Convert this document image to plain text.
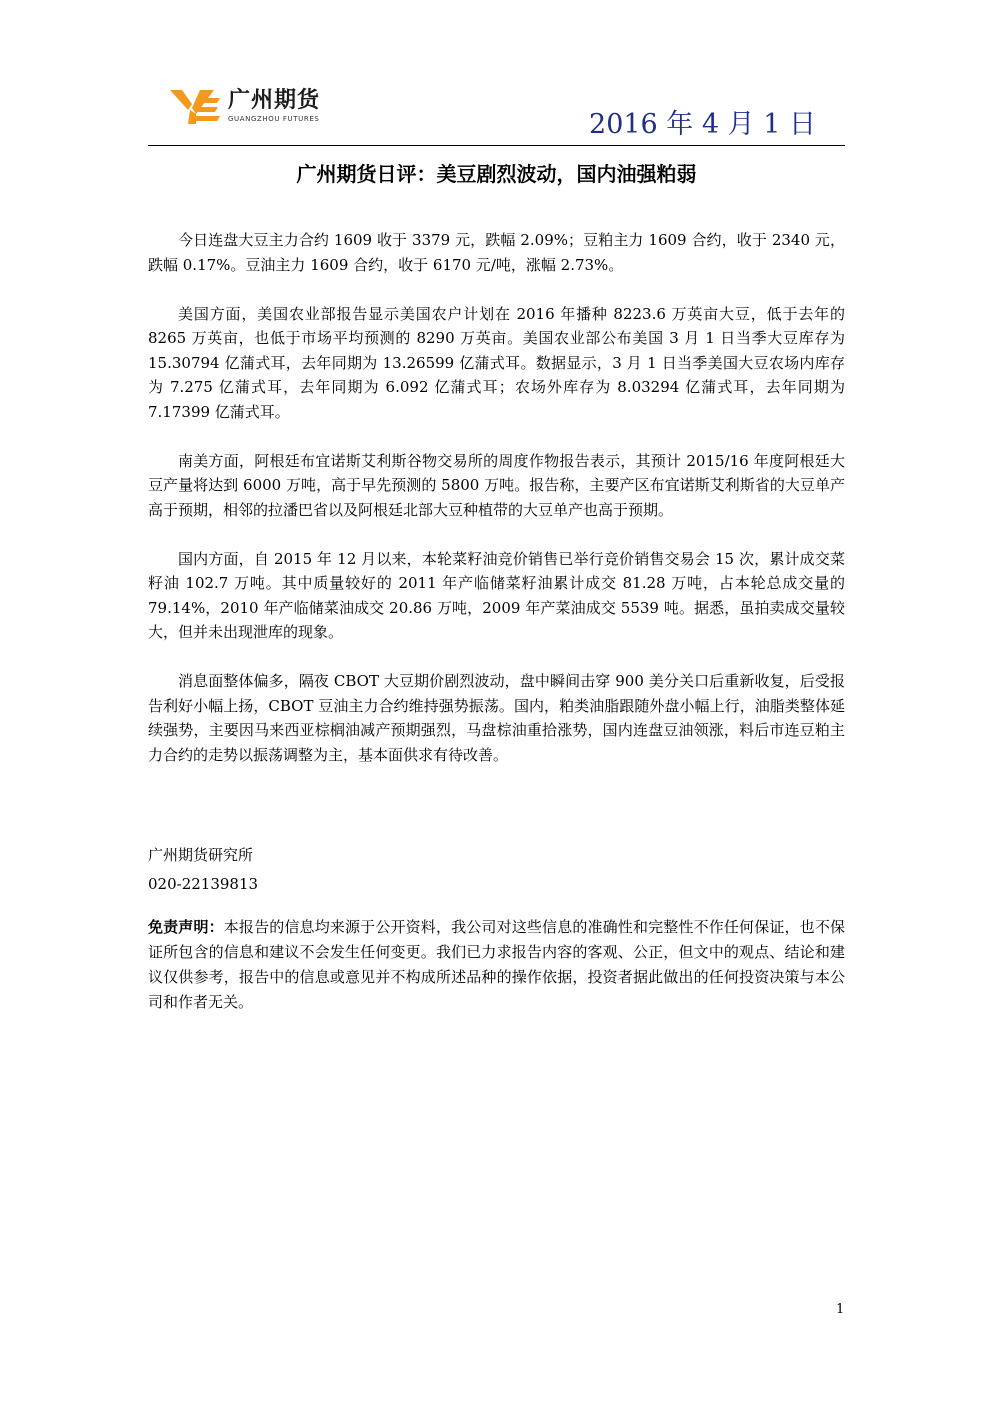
广州期货
GUANGZHOU FUTURES	2016 年 4 月 1 日
广州期货日评：美豆剧烈波动，国内油强粕弱

今日连盘大豆主力合约 1609 收于 3379 元，跌幅 2.09%；豆粕主力 1609 合约，收于 2340 元，跌幅 0.17%。豆油主力 1609 合约，收于 6170 元/吨，涨幅 2.73%。

美国方面，美国农业部报告显示美国农户计划在 2016 年播种 8223.6 万英亩大豆，低于去年的 8265 万英亩，也低于市场平均预测的 8290 万英亩。美国农业部公布美国 3 月 1 日当季大豆库存为 15.30794 亿蒲式耳，去年同期为 13.26599 亿蒲式耳。数据显示，3 月 1 日当季美国大豆农场内库存为 7.275 亿蒲式耳，去年同期为 6.092 亿蒲式耳；农场外库存为 8.03294 亿蒲式耳，去年同期为 7.17399 亿蒲式耳。

南美方面，阿根廷布宜诺斯艾利斯谷物交易所的周度作物报告表示，其预计 2015/16 年度阿根廷大豆产量将达到 6000 万吨，高于早先预测的 5800 万吨。报告称，主要产区布宜诺斯艾利斯省的大豆单产高于预期，相邻的拉潘巴省以及阿根廷北部大豆种植带的大豆单产也高于预期。

国内方面，自 2015 年 12 月以来，本轮菜籽油竞价销售已举行竞价销售交易会 15 次，累计成交菜籽油 102.7 万吨。其中质量较好的 2011 年产临储菜籽油累计成交 81.28 万吨，占本轮总成交量的 79.14%，2010 年产临储菜油成交 20.86 万吨，2009 年产菜油成交 5539 吨。据悉，虽拍卖成交量较大，但并未出现泄库的现象。

消息面整体偏多，隔夜 CBOT 大豆期价剧烈波动，盘中瞬间击穿 900 美分关口后重新收复，后受报告利好小幅上扬，CBOT 豆油主力合约维持强势振荡。国内，粕类油脂跟随外盘小幅上行，油脂类整体延续强势，主要因马来西亚棕榈油减产预期强烈，马盘棕油重拾涨势，国内连盘豆油领涨，料后市连豆粕主力合约的走势以振荡调整为主，基本面供求有待改善。

广州期货研究所

020-22139813

免责声明：本报告的信息均来源于公开资料，我公司对这些信息的准确性和完整性不作任何保证，也不保证所包含的信息和建议不会发生任何变更。我们已力求报告内容的客观、公正，但文中的观点、结论和建议仅供参考，报告中的信息或意见并不构成所述品种的操作依据，投资者据此做出的任何投资决策与本公司和作者无关。

1
